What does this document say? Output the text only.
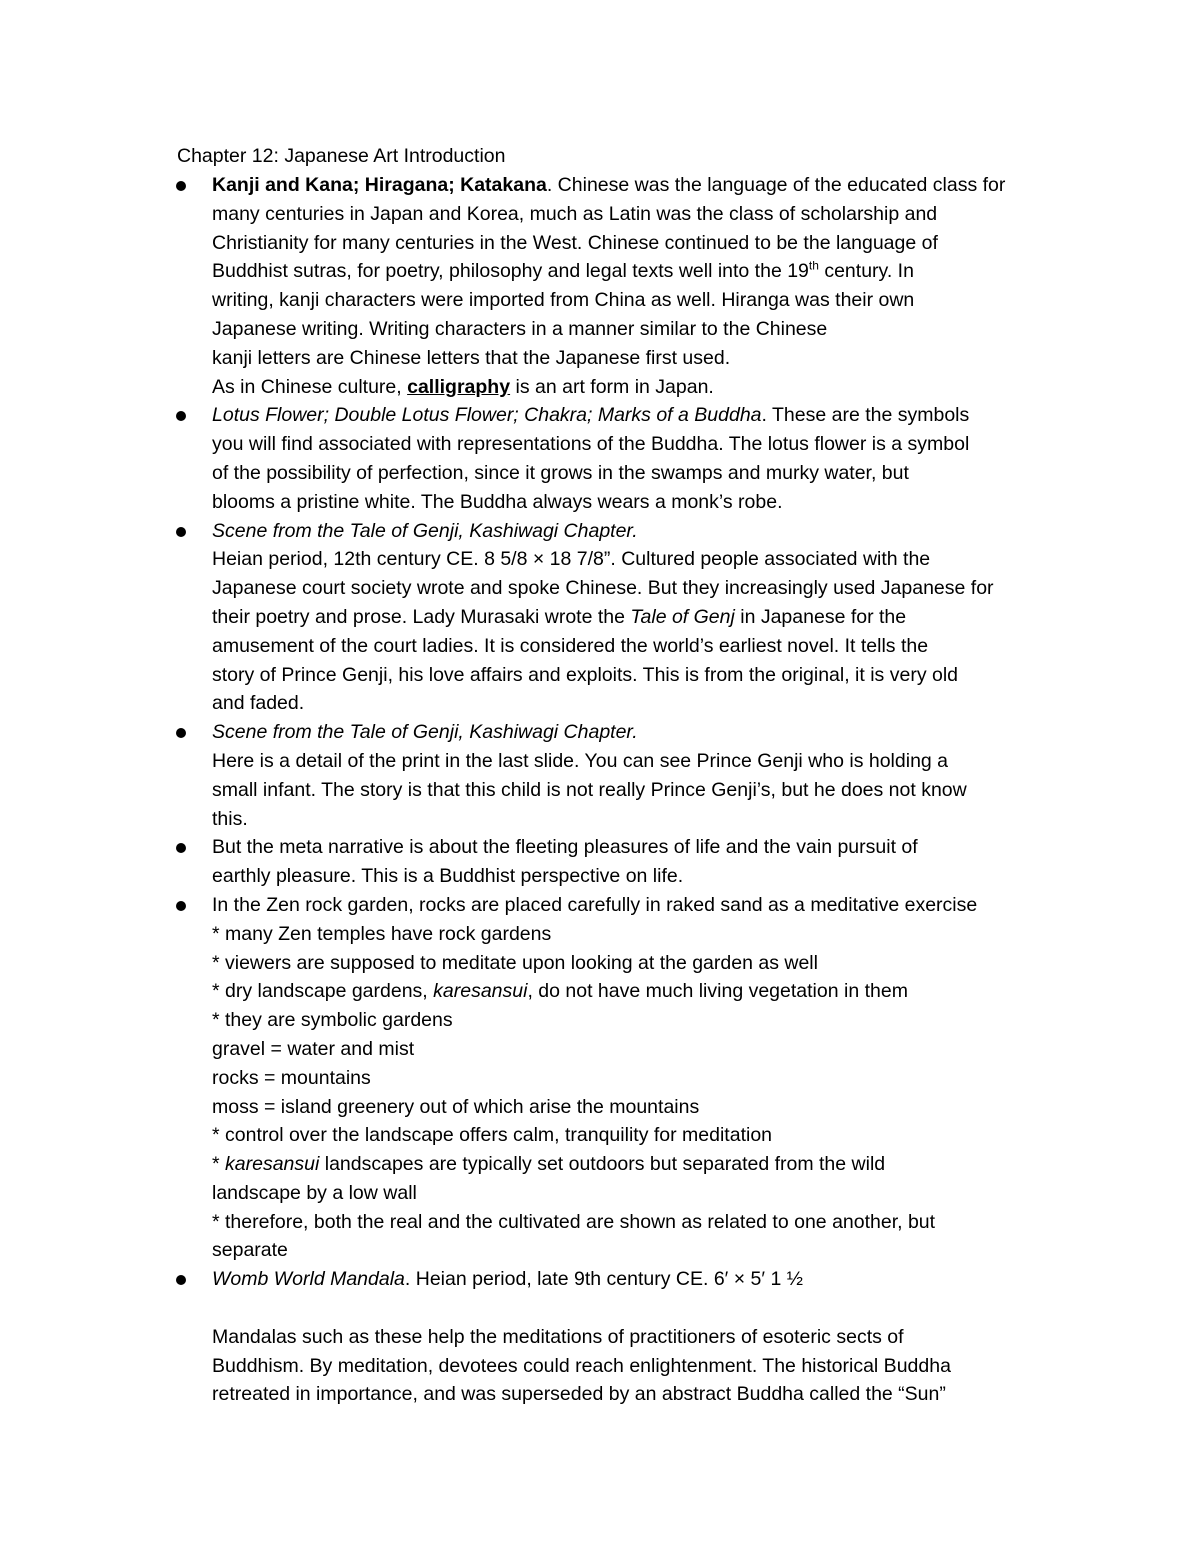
Chapter 12: Japanese Art Introduction
Kanji and Kana; Hiragana; Katakana. Chinese was the language of the educated class for
many centuries in Japan and Korea, much as Latin was the class of scholarship and
Christianity for many centuries in the West. Chinese continued to be the language of
Buddhist sutras, for poetry, philosophy and legal texts well into the 19th century. In
writing, kanji characters were imported from China as well. Hiranga was their own
Japanese writing. Writing characters in a manner similar to the Chinese
kanji letters are Chinese letters that the Japanese first used.
As in Chinese culture, calligraphy is an art form in Japan.
Lotus Flower; Double Lotus Flower; Chakra; Marks of a Buddha. These are the symbols
you will find associated with representations of the Buddha. The lotus flower is a symbol
of the possibility of perfection, since it grows in the swamps and murky water, but
blooms a pristine white. The Buddha always wears a monk’s robe.
Scene from the Tale of Genji, Kashiwagi Chapter.
Heian period, 12th century CE. 8 5/8 × 18 7/8”. Cultured people associated with the
Japanese court society wrote and spoke Chinese. But they increasingly used Japanese for
their poetry and prose. Lady Murasaki wrote the Tale of Genj in Japanese for the
amusement of the court ladies. It is considered the world’s earliest novel. It tells the
story of Prince Genji, his love affairs and exploits. This is from the original, it is very old
and faded.
Scene from the Tale of Genji, Kashiwagi Chapter.
Here is a detail of the print in the last slide. You can see Prince Genji who is holding a
small infant. The story is that this child is not really Prince Genji’s, but he does not know
this.
But the meta narrative is about the fleeting pleasures of life and the vain pursuit of
earthly pleasure. This is a Buddhist perspective on life.
In the Zen rock garden, rocks are placed carefully in raked sand as a meditative exercise
* many Zen temples have rock gardens
* viewers are supposed to meditate upon looking at the garden as well
* dry landscape gardens, karesansui, do not have much living vegetation in them
* they are symbolic gardens
gravel = water and mist
rocks = mountains
moss = island greenery out of which arise the mountains
* control over the landscape offers calm, tranquility for meditation
* karesansui landscapes are typically set outdoors but separated from the wild
landscape by a low wall
* therefore, both the real and the cultivated are shown as related to one another, but
separate
Womb World Mandala. Heian period, late 9th century CE. 6′ × 5′ 1 ½
Mandalas such as these help the meditations of practitioners of esoteric sects of
Buddhism. By meditation, devotees could reach enlightenment. The historical Buddha
retreated in importance, and was superseded by an abstract Buddha called the “Sun”
